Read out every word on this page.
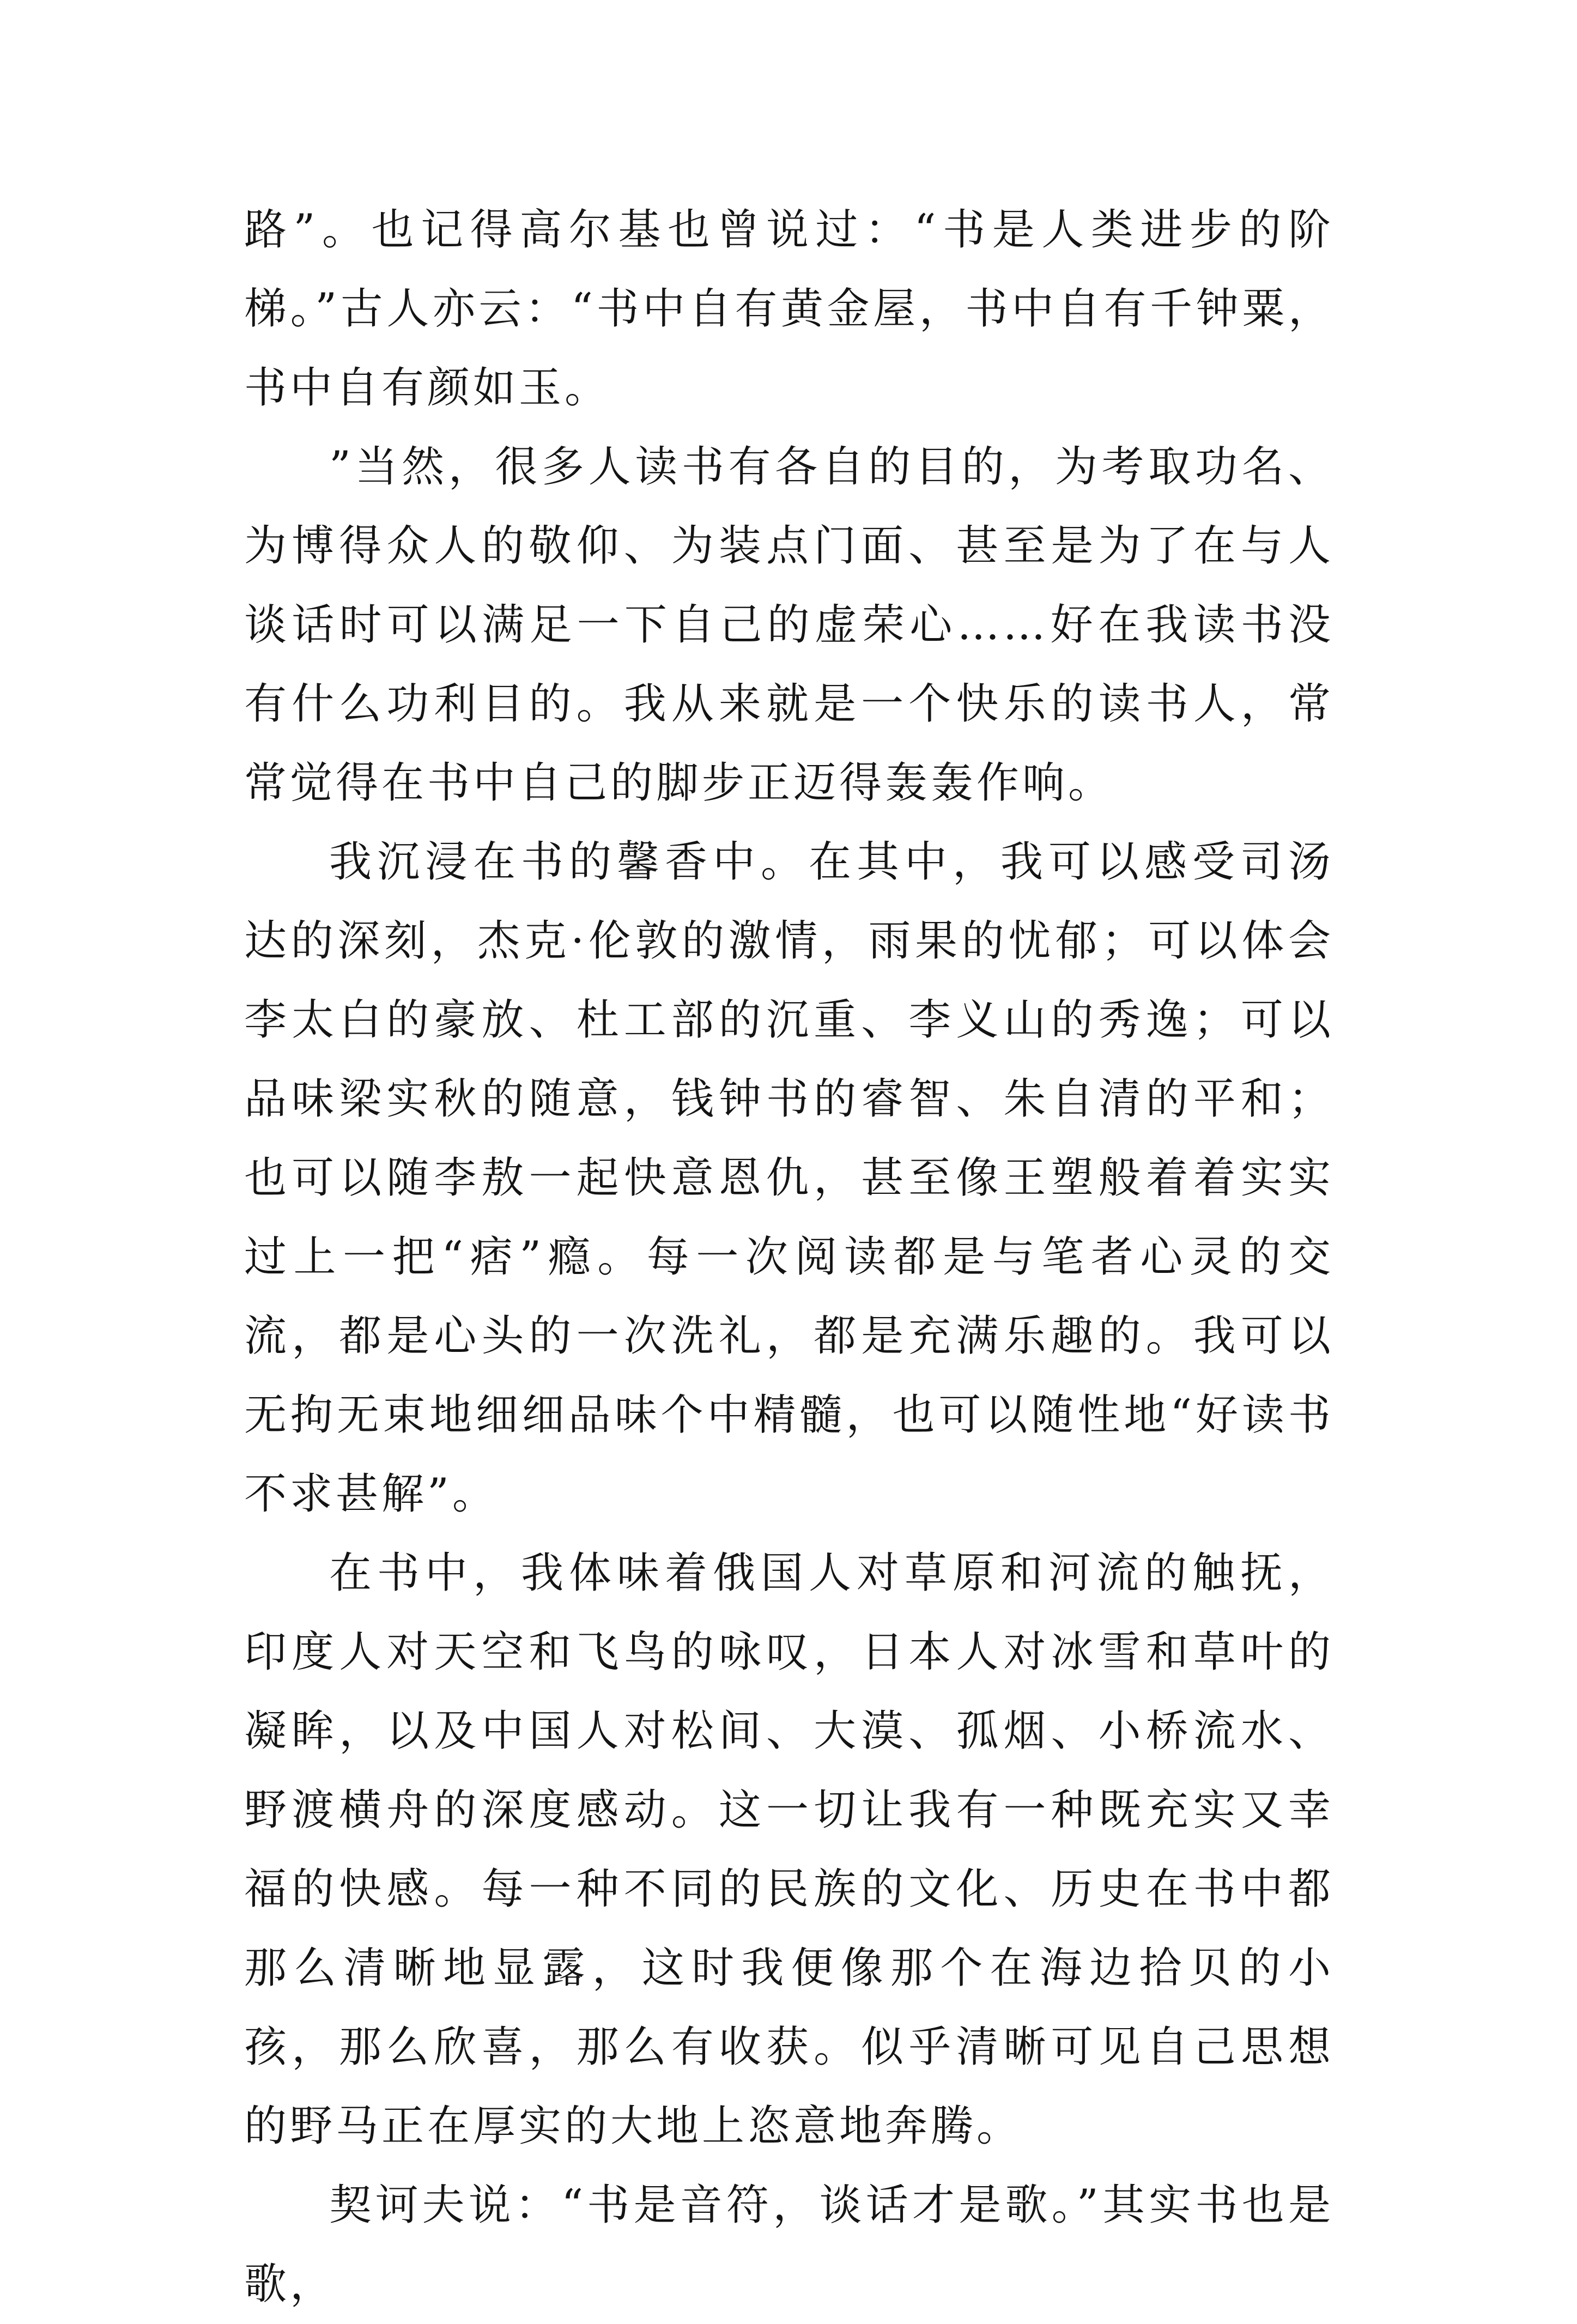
路”。也记得高尔基也曾说过：“书是人类进步的阶梯。”古人亦云：“书中自有黄金屋，书中自有千钟粟，书中自有颜如玉。

”当然，很多人读书有各自的目的，为考取功名、为博得众人的敬仰、为装点门面、甚至是为了在与人谈话时可以满足一下自己的虚荣心……好在我读书没有什么功利目的。我从来就是一个快乐的读书人，常常觉得在书中自己的脚步正迈得轰轰作响。

我沉浸在书的馨香中。在其中，我可以感受司汤达的深刻，杰克·伦敦的激情，雨果的忧郁；可以体会李太白的豪放、杜工部的沉重、李义山的秀逸；可以品味梁实秋的随意，钱钟书的睿智、朱自清的平和；也可以随李敖一起快意恩仇，甚至像王塑般着着实实过上一把“痞”瘾。每一次阅读都是与笔者心灵的交流，都是心头的一次洗礼，都是充满乐趣的。我可以无拘无束地细细品味个中精髓，也可以随性地“好读书不求甚解”。

在书中，我体味着俄国人对草原和河流的触抚，印度人对天空和飞鸟的咏叹，日本人对冰雪和草叶的凝眸，以及中国人对松间、大漠、孤烟、小桥流水、野渡横舟的深度感动。这一切让我有一种既充实又幸福的快感。每一种不同的民族的文化、历史在书中都那么清晰地显露，这时我便像那个在海边拾贝的小孩，那么欣喜，那么有收获。似乎清晰可见自己思想的野马正在厚实的大地上恣意地奔腾。

契诃夫说：“书是音符，谈话才是歌。”其实书也是歌，
